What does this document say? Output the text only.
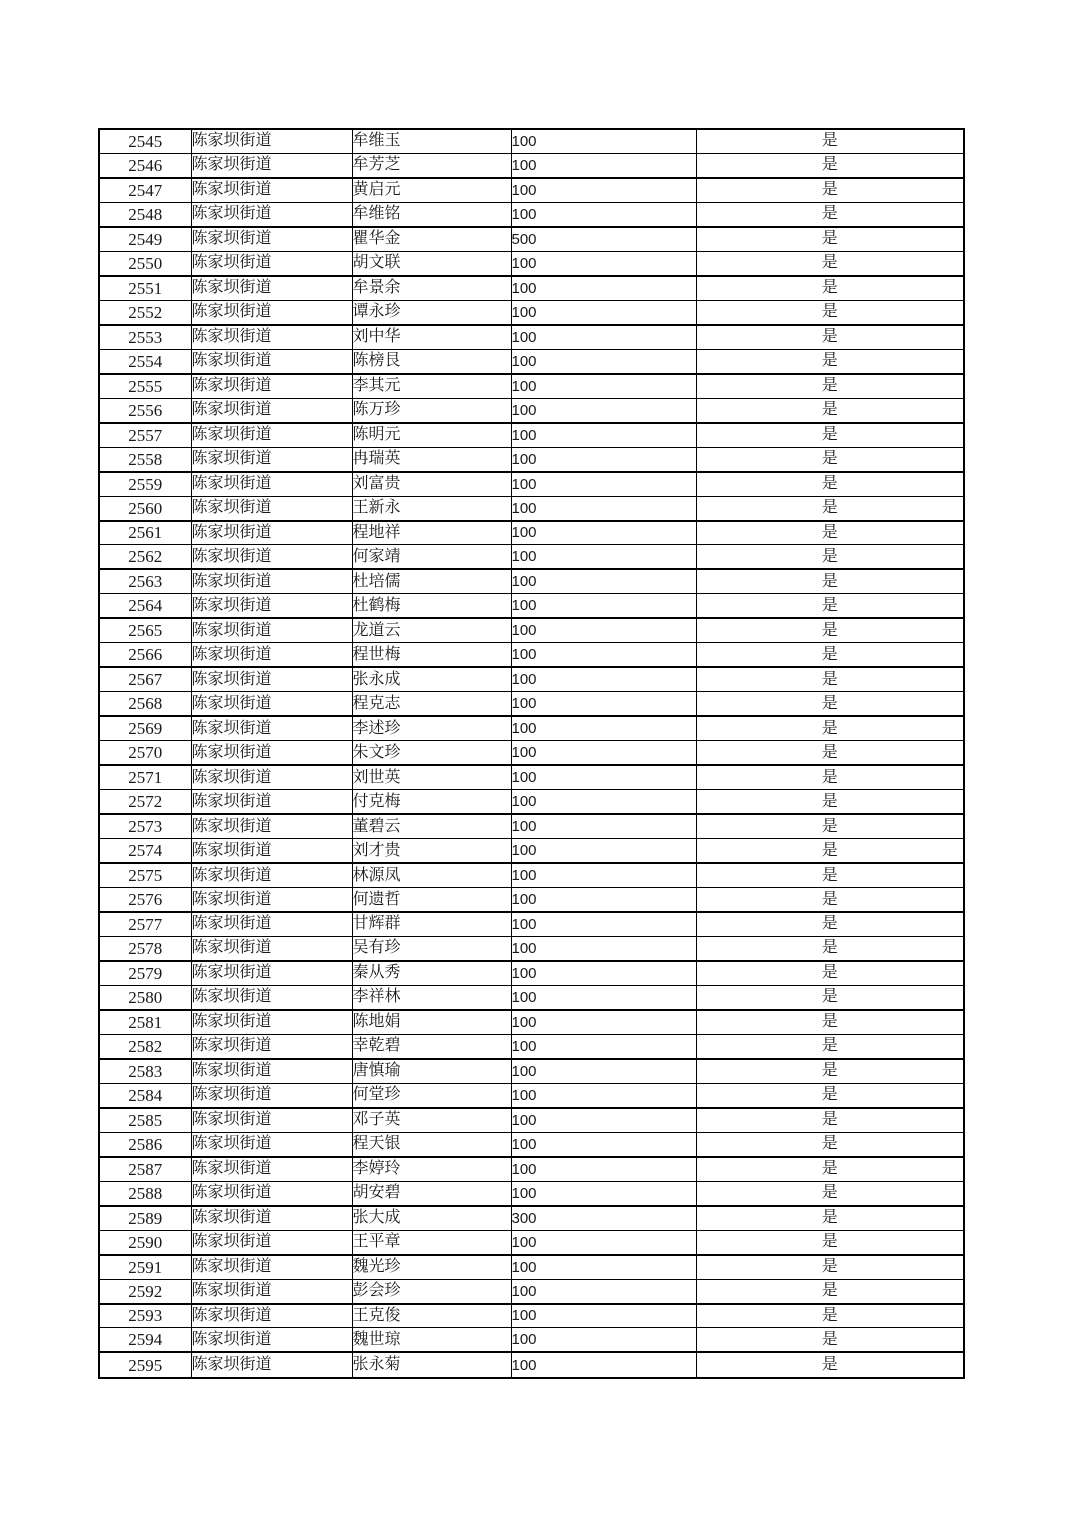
2545	陈家坝街道	牟维玉	100	是
2546	陈家坝街道	牟芳芝	100	是
2547	陈家坝街道	黄启元	100	是
2548	陈家坝街道	牟维铭	100	是
2549	陈家坝街道	瞿华金	500	是
2550	陈家坝街道	胡文联	100	是
2551	陈家坝街道	牟景余	100	是
2552	陈家坝街道	谭永珍	100	是
2553	陈家坝街道	刘中华	100	是
2554	陈家坝街道	陈榜艮	100	是
2555	陈家坝街道	李其元	100	是
2556	陈家坝街道	陈万珍	100	是
2557	陈家坝街道	陈明元	100	是
2558	陈家坝街道	冉瑞英	100	是
2559	陈家坝街道	刘富贵	100	是
2560	陈家坝街道	王新永	100	是
2561	陈家坝街道	程地祥	100	是
2562	陈家坝街道	何家靖	100	是
2563	陈家坝街道	杜培儒	100	是
2564	陈家坝街道	杜鹤梅	100	是
2565	陈家坝街道	龙道云	100	是
2566	陈家坝街道	程世梅	100	是
2567	陈家坝街道	张永成	100	是
2568	陈家坝街道	程克志	100	是
2569	陈家坝街道	李述珍	100	是
2570	陈家坝街道	朱文珍	100	是
2571	陈家坝街道	刘世英	100	是
2572	陈家坝街道	付克梅	100	是
2573	陈家坝街道	董碧云	100	是
2574	陈家坝街道	刘才贵	100	是
2575	陈家坝街道	林源凤	100	是
2576	陈家坝街道	何遗哲	100	是
2577	陈家坝街道	甘辉群	100	是
2578	陈家坝街道	吴有珍	100	是
2579	陈家坝街道	秦从秀	100	是
2580	陈家坝街道	李祥林	100	是
2581	陈家坝街道	陈地娟	100	是
2582	陈家坝街道	幸乾碧	100	是
2583	陈家坝街道	唐慎瑜	100	是
2584	陈家坝街道	何堂珍	100	是
2585	陈家坝街道	邓子英	100	是
2586	陈家坝街道	程天银	100	是
2587	陈家坝街道	李婷玲	100	是
2588	陈家坝街道	胡安碧	100	是
2589	陈家坝街道	张大成	300	是
2590	陈家坝街道	王平章	100	是
2591	陈家坝街道	魏光珍	100	是
2592	陈家坝街道	彭会珍	100	是
2593	陈家坝街道	王克俊	100	是
2594	陈家坝街道	魏世琼	100	是
2595	陈家坝街道	张永菊	100	是
